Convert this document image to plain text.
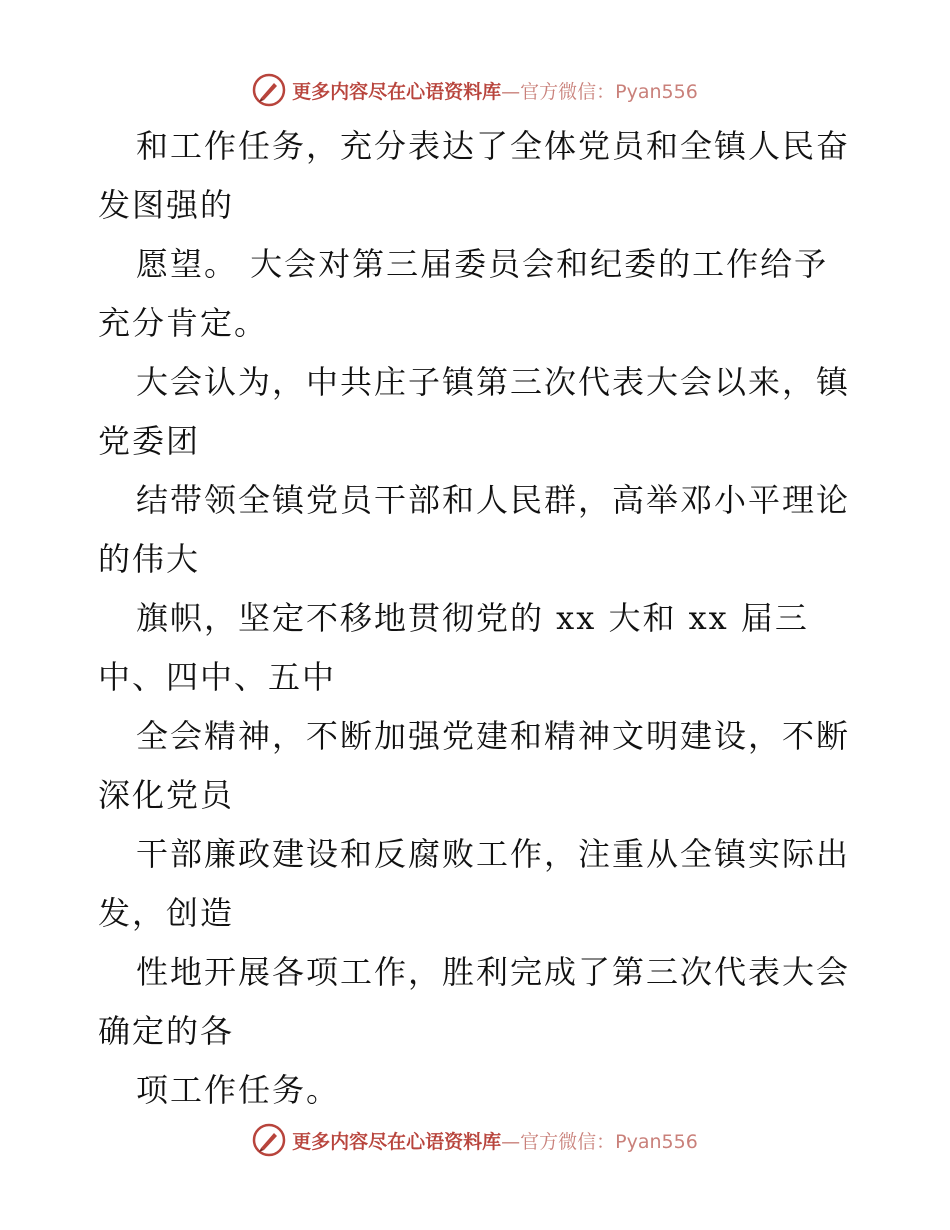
更多内容尽在心语资料库—官方微信：Pyan556
和工作任务，充分表达了全体党员和全镇人民奋
发图强的
愿望。 大会对第三届委员会和纪委的工作给予
充分肯定。
大会认为，中共庄子镇第三次代表大会以来，镇
党委团
结带领全镇党员干部和人民群，高举邓小平理论
的伟大
旗帜，坚定不移地贯彻党的 xx 大和 xx 届三
中、四中、五中
全会精神，不断加强党建和精神文明建设，不断
深化党员
干部廉政建设和反腐败工作，注重从全镇实际出
发，创造
性地开展各项工作，胜利完成了第三次代表大会
确定的各
项工作任务。
更多内容尽在心语资料库—官方微信：Pyan556
